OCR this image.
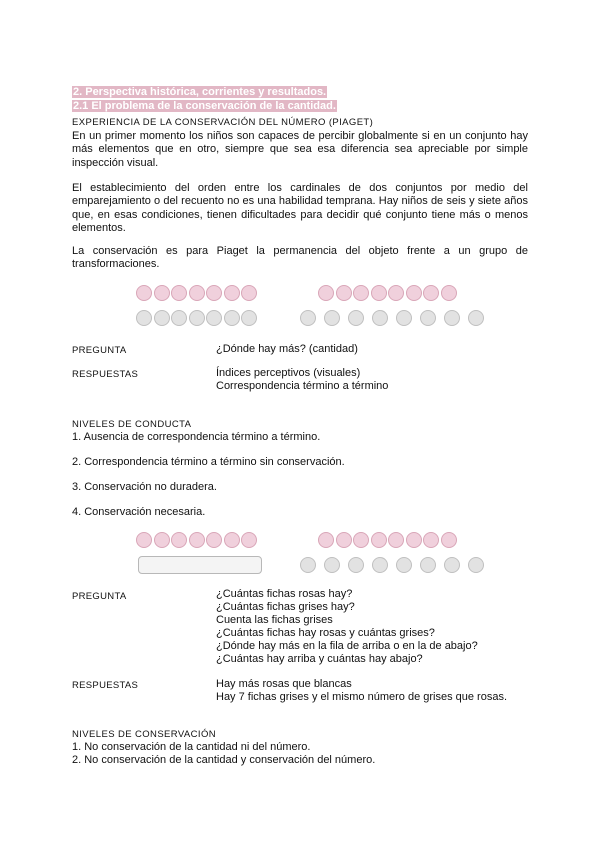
2. Perspectiva histórica, corrientes y resultados.
2.1 El problema de la conservación de la cantidad.
EXPERIENCIA DE LA CONSERVACIÓN DEL NÚMERO (PIAGET)
En un primer momento los niños son capaces de percibir globalmente si en un conjunto hay más elementos que en otro, siempre que sea esa diferencia sea apreciable por simple inspección visual.
El establecimiento del orden entre los cardinales de dos conjuntos por medio del emparejamiento o del recuento no es una habilidad temprana. Hay niños de seis y siete años que, en esas condiciones, tienen dificultades para decidir qué conjunto tiene más o menos elementos.
La conservación es para Piaget la permanencia del objeto frente a un grupo de transformaciones.
PREGUNTA	¿Dónde hay más? (cantidad)
RESPUESTAS	Índices perceptivos (visuales)
Correspondencia término a término
NIVELES DE CONDUCTA
1. Ausencia de correspondencia término a término.
2. Correspondencia término a término sin conservación.
3. Conservación no duradera.
4. Conservación necesaria.
PREGUNTA	¿Cuántas fichas rosas hay?
¿Cuántas fichas grises hay?
Cuenta las fichas grises
¿Cuántas fichas hay rosas y cuántas grises?
¿Dónde hay más en la fila de arriba o en la de abajo?
¿Cuántas hay arriba y cuántas hay abajo?
RESPUESTAS	Hay más rosas que blancas
Hay 7 fichas grises y el mismo número de grises que rosas.
NIVELES DE CONSERVACIÓN
1. No conservación de la cantidad ni del número.
2. No conservación de la cantidad y conservación del número.
